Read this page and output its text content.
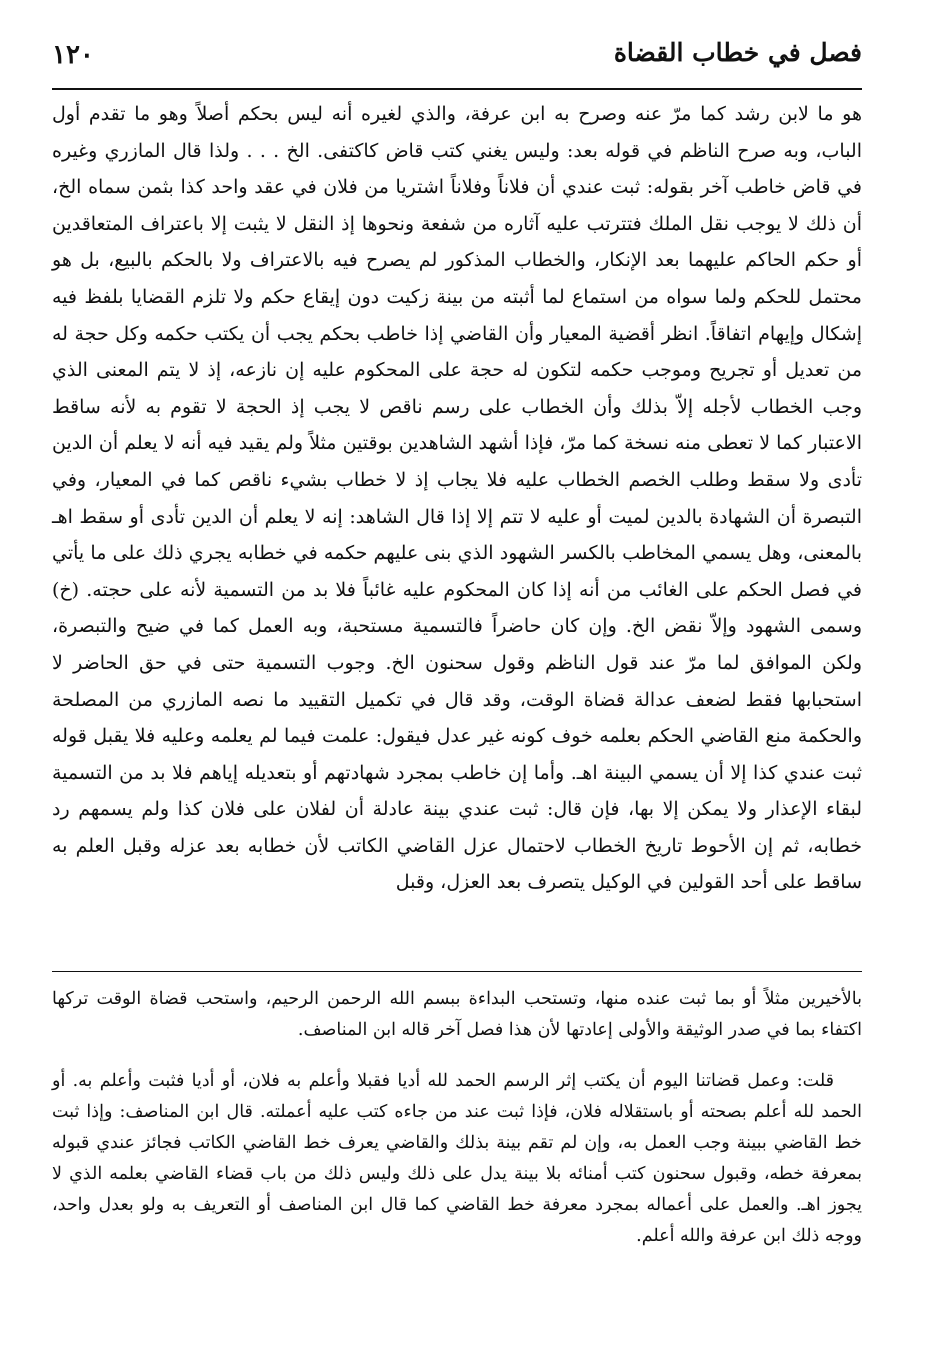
١٢٠	فصل في خطاب القضاة

هو ما لابن رشد كما مرّ عنه وصرح به ابن عرفة، والذي لغيره أنه ليس بحكم أصلاً وهو ما تقدم أول الباب، وبه صرح الناظم في قوله بعد: وليس يغني كتب قاض كاكتفى. الخ . . . ولذا قال المازري وغيره في قاض خاطب آخر بقوله: ثبت عندي أن فلاناً وفلاناً اشتريا من فلان في عقد واحد كذا بثمن سماه الخ، أن ذلك لا يوجب نقل الملك فتترتب عليه آثاره من شفعة ونحوها إذ النقل لا يثبت إلا باعتراف المتعاقدين أو حكم الحاكم عليهما بعد الإنكار، والخطاب المذكور لم يصرح فيه بالاعتراف ولا بالحكم بالبيع، بل هو محتمل للحكم ولما سواه من استماع لما أثبته من بينة زكيت دون إيقاع حكم ولا تلزم القضايا بلفظ فيه إشكال وإيهام اتفاقاً. انظر أقضية المعيار وأن القاضي إذا خاطب بحكم يجب أن يكتب حكمه وكل حجة له من تعديل أو تجريح وموجب حكمه لتكون له حجة على المحكوم عليه إن نازعه، إذ لا يتم المعنى الذي وجب الخطاب لأجله إلاّ بذلك وأن الخطاب على رسم ناقص لا يجب إذ الحجة لا تقوم به لأنه ساقط الاعتبار كما لا تعطى منه نسخة كما مرّ، فإذا أشهد الشاهدين بوقتين مثلاً ولم يقيد فيه أنه لا يعلم أن الدين تأدى ولا سقط وطلب الخصم الخطاب عليه فلا يجاب إذ لا خطاب بشيء ناقص كما في المعيار، وفي التبصرة أن الشهادة بالدين لميت أو عليه لا تتم إلا إذا قال الشاهد: إنه لا يعلم أن الدين تأدى أو سقط اهـ بالمعنى، وهل يسمي المخاطب بالكسر الشهود الذي بنى عليهم حكمه في خطابه يجري ذلك على ما يأتي في فصل الحكم على الغائب من أنه إذا كان المحكوم عليه غائباً فلا بد من التسمية لأنه على حجته. (خ) وسمى الشهود وإلاّ نقض الخ. وإن كان حاضراً فالتسمية مستحبة، وبه العمل كما في ضيح والتبصرة، ولكن الموافق لما مرّ عند قول الناظم وقول سحنون الخ. وجوب التسمية حتى في حق الحاضر لا استحبابها فقط لضعف عدالة قضاة الوقت، وقد قال في تكميل التقييد ما نصه المازري من المصلحة والحكمة منع القاضي الحكم بعلمه خوف كونه غير عدل فيقول: علمت فيما لم يعلمه وعليه فلا يقبل قوله ثبت عندي كذا إلا أن يسمي البينة اهـ. وأما إن خاطب بمجرد شهادتهم أو بتعديله إياهم فلا بد من التسمية لبقاء الإعذار ولا يمكن إلا بها، فإن قال: ثبت عندي بينة عادلة أن لفلان على فلان كذا ولم يسمهم رد خطابه، ثم إن الأحوط تاريخ الخطاب لاحتمال عزل القاضي الكاتب لأن خطابه بعد عزله وقبل العلم به ساقط على أحد القولين في الوكيل يتصرف بعد العزل، وقبل

بالأخيرين مثلاً أو بما ثبت عنده منها، وتستحب البداءة ببسم الله الرحمن الرحيم، واستحب قضاة الوقت تركها اكتفاء بما في صدر الوثيقة والأولى إعادتها لأن هذا فصل آخر قاله ابن المناصف.

قلت: وعمل قضاتنا اليوم أن يكتب إثر الرسم الحمد لله أديا فقبلا وأعلم به فلان، أو أديا فثبت وأعلم به. أو الحمد لله أعلم بصحته أو باستقلاله فلان، فإذا ثبت عند من جاءه كتب عليه أعملته. قال ابن المناصف: وإذا ثبت خط القاضي ببينة وجب العمل به، وإن لم تقم بينة بذلك والقاضي يعرف خط القاضي الكاتب فجائز عندي قبوله بمعرفة خطه، وقبول سحنون كتب أمنائه بلا بينة يدل على ذلك وليس ذلك من باب قضاء القاضي بعلمه الذي لا يجوز اهـ. والعمل على أعماله بمجرد معرفة خط القاضي كما قال ابن المناصف أو التعريف به ولو بعدل واحد، ووجه ذلك ابن عرفة والله أعلم.
